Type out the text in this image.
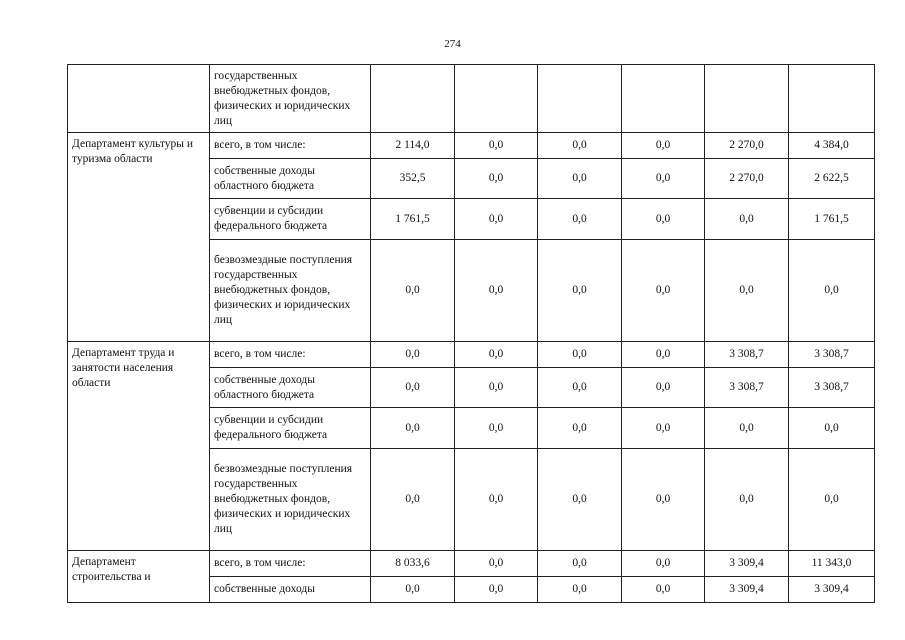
274
	государственных внебюджетных фондов, физических и юридических лиц						
Департамент культуры и туризма области	всего, в том числе:	2 114,0	0,0	0,0	0,0	2 270,0	4 384,0
	собственные доходы областного бюджета	352,5	0,0	0,0	0,0	2 270,0	2 622,5
	субвенции и субсидии федерального бюджета	1 761,5	0,0	0,0	0,0	0,0	1 761,5
	безвозмездные поступления государственных внебюджетных фондов, физических и юридических лиц	0,0	0,0	0,0	0,0	0,0	0,0
Департамент труда и занятости населения области	всего, в том числе:	0,0	0,0	0,0	0,0	3 308,7	3 308,7
	собственные доходы областного бюджета	0,0	0,0	0,0	0,0	3 308,7	3 308,7
	субвенции и субсидии федерального бюджета	0,0	0,0	0,0	0,0	0,0	0,0
	безвозмездные поступления государственных внебюджетных фондов, физических и юридических лиц	0,0	0,0	0,0	0,0	0,0	0,0
Департамент строительства и	всего, в том числе:	8 033,6	0,0	0,0	0,0	3 309,4	11 343,0
	собственные доходы	0,0	0,0	0,0	0,0	3 309,4	3 309,4
